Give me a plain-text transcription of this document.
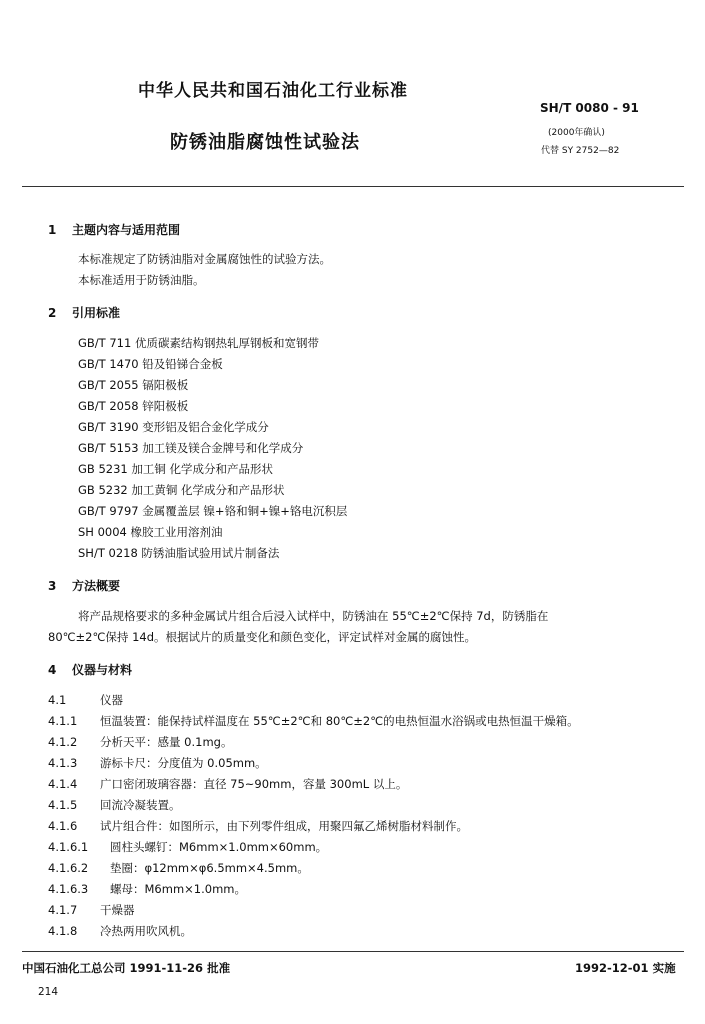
中华人民共和国石油化工行业标准
SH/T 0080 - 91
防锈油脂腐蚀性试验法	(2000年确认)
代替 SY 2752—82
1 主题内容与适用范围
本标准规定了防锈油脂对金属腐蚀性的试验方法。
本标准适用于防锈油脂。
2 引用标准
GB/T 711 优质碳素结构钢热轧厚钢板和宽钢带
GB/T 1470 铅及铅锑合金板
GB/T 2055 镉阳极板
GB/T 2058 锌阳极板
GB/T 3190 变形铝及铝合金化学成分
GB/T 5153 加工镁及镁合金牌号和化学成分
GB 5231 加工铜 化学成分和产品形状
GB 5232 加工黄铜 化学成分和产品形状
GB/T 9797 金属覆盖层 镍+铬和铜+镍+铬电沉积层
SH 0004 橡胶工业用溶剂油
SH/T 0218 防锈油脂试验用试片制备法
3 方法概要
将产品规格要求的多种金属试片组合后浸入试样中，防锈油在 55℃±2℃保持 7d，防锈脂在
80℃±2℃保持 14d。根据试片的质量变化和颜色变化，评定试样对金属的腐蚀性。
4 仪器与材料
4.1	仪器
4.1.1 恒温装置：能保持试样温度在 55℃±2℃和 80℃±2℃的电热恒温水浴锅或电热恒温干燥箱。
4.1.2 分析天平：感量 0.1mg。
4.1.3 游标卡尺：分度值为 0.05mm。
4.1.4 广口密闭玻璃容器：直径 75~90mm，容量 300mL 以上。
4.1.5 回流冷凝装置。
4.1.6 试片组合件：如图所示，由下列零件组成，用聚四氟乙烯树脂材料制作。
4.1.6.1 圆柱头螺钉：M6mm×1.0mm×60mm。
4.1.6.2 垫圈：φ12mm×φ6.5mm×4.5mm。
4.1.6.3 螺母：M6mm×1.0mm。
4.1.7 干燥器
4.1.8 冷热两用吹风机。
中国石油化工总公司 1991-11-26 批准	1992-12-01 实施
214
